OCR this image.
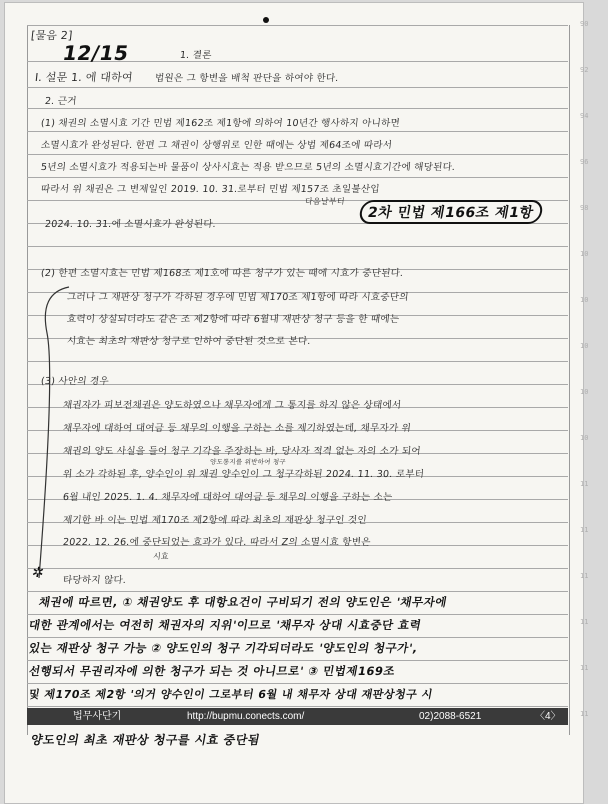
[물음 2]
12/15	1. 결론
I. 설문 1. 에 대하여 법원은 그 항변을 배척 판단을 하여야 한다.
2. 근거
(1) 채권의 소멸시효 기간 민법 제162조 제1항에 의하여 10년간 행사하지 아니하면
소멸시효가 완성된다. 한편 그 채권이 상행위로 인한 때에는 상법 제64조에 따라서
5년의 소멸시효가 적용되는바 물품이 상사시효는 적용 받으므로 5년의 소멸시효기간에 해당된다.
따라서 위 채권은 그 변제일인 2019. 10. 31.로부터 민법 제157조 초일불산입
다음날부터
2024. 10. 31.에 소멸시효가 완성된다.
2차 민법 제166조 제1항
(2) 한편 소멸시효는 민법 제168조 제1호에 따른 청구가 있는 때에 시효가 중단된다.
그러나 그 재판상 청구가 각하된 경우에 민법 제170조 제1항에 따라 시효중단의
효력이 상실되더라도 같은 조 제2항에 따라 6월내 재판상 청구 등을 한 때에는
시효는 최초의 재판상 청구로 인하여 중단된 것으로 본다.
(3) 사안의 경우
채권자가 피보전채권은 양도하였으나 채무자에게 그 통지를 하지 않은 상태에서
채무자에 대하여 대여금 등 채무의 이행을 구하는 소를 제기하였는데, 채무자가 위
채권의 양도 사실을 들어 청구 기각을 주장하는 바, 당사자 적격 없는 자의 소가 되어
양도통지를 위반하여 청구
위 소가 각하된 후, 양수인이 위 채권 양수인이 그 청구각하된 2024. 11. 30. 로부터
6월 내인 2025. 1. 4. 채무자에 대하여 대여금 등 채무의 이행을 구하는 소는
제기한 바 이는 민법 제170조 제2항에 따라 최초의 재판상 청구인 것인
2022. 12. 26.에 중단되었는 효과가 있다. 따라서 Z의 소멸시효 항변은
시효
타당하지 않다.
✲
채권에 따르면, ① 채권양도 후 대항요건이 구비되기 전의 양도인은 '채무자에
대한 관계에서는 여전히 채권자의 지위'이므로 '채무자 상대 시효중단 효력
있는 재판상 청구 가능 ② 양도인의 청구 기각되더라도 '양도인의 청구가',
선행되서 무권리자에 의한 청구가 되는 것 아니므로' ③ 민법제169조
및 제170조 제2항 '의거 양수인이 그로부터 6월 내 채무자 상대 재판상청구 시
법무사단기	http://bupmu.conects.com/	02)2088-6521	〈4〉
양도인의 최초 재판상 청구를 시효 중단됨
90
92
94
96
98
10
10
10
10
10
11
11
11
11
11
11
